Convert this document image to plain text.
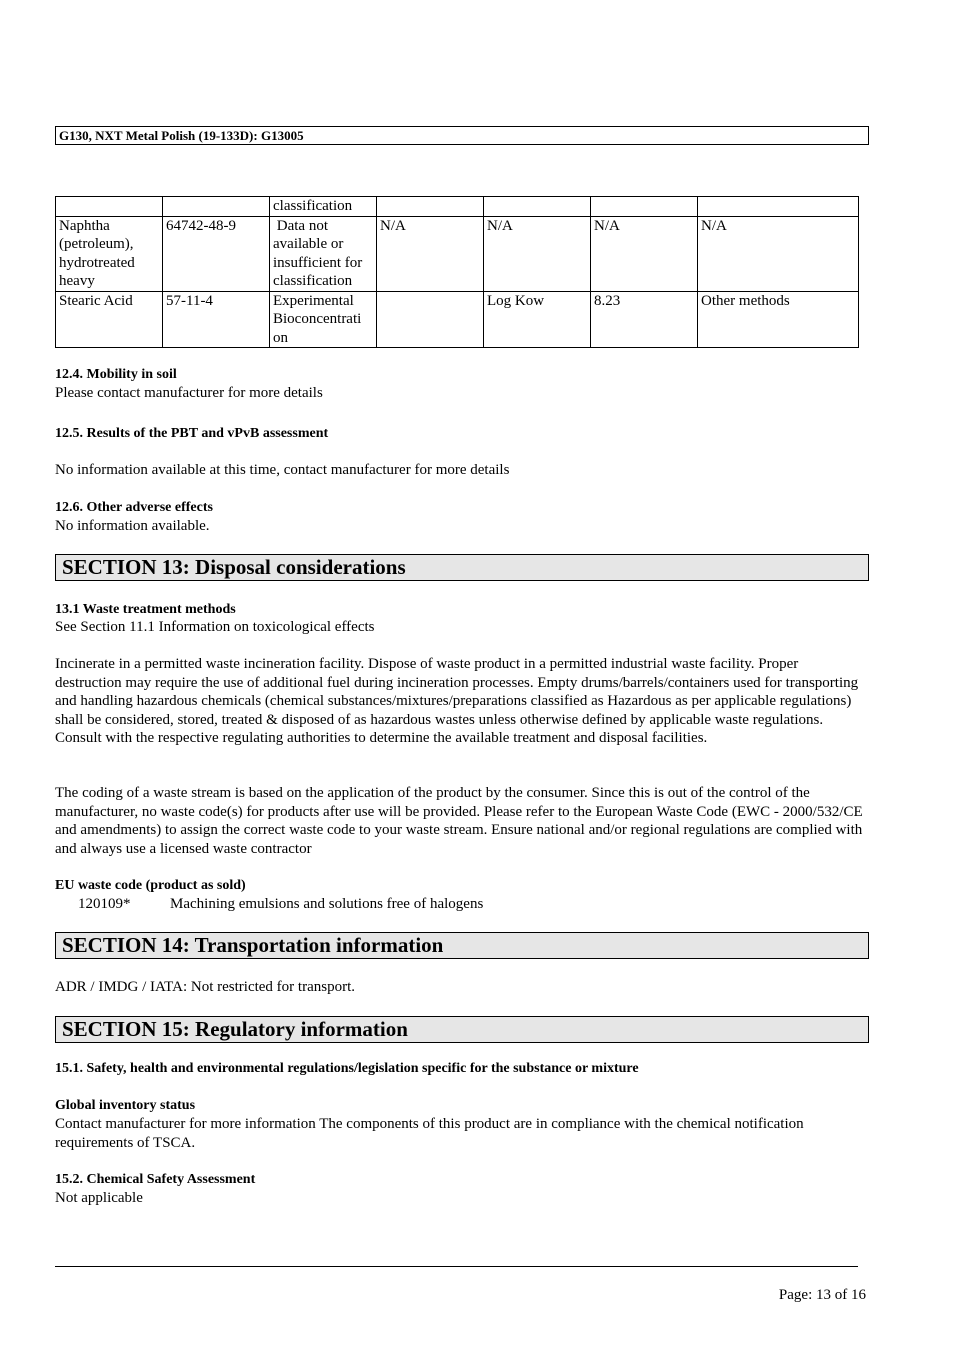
G130, NXT Metal Polish (19-133D): G13005
		classification				
Naphtha (petroleum), hydrotreated heavy	64742-48-9	Data not available or insufficient for classification	N/A	N/A	N/A	N/A
Stearic Acid	57-11-4	Experimental Bioconcentrati on		Log Kow	8.23	Other methods
12.4. Mobility in soil
Please contact manufacturer for more details
12.5. Results of the PBT and vPvB assessment
No information available at this time, contact manufacturer for more details
12.6. Other adverse effects
No information available.
SECTION 13: Disposal considerations
13.1 Waste treatment methods
See Section 11.1 Information on toxicological effects
Incinerate in a permitted waste incineration facility. Dispose of waste product in a permitted industrial waste facility. Proper destruction may require the use of additional fuel during incineration processes. Empty drums/barrels/containers used for transporting and handling hazardous chemicals (chemical substances/mixtures/preparations classified as Hazardous as per applicable regulations) shall be considered, stored, treated & disposed of as hazardous wastes unless otherwise defined by applicable waste regulations. Consult with the respective regulating authorities to determine the available treatment and disposal facilities.
The coding of a waste stream is based on the application of the product by the consumer. Since this is out of the control of the manufacturer, no waste code(s) for products after use will be provided. Please refer to the European Waste Code (EWC - 2000/532/CE and amendments) to assign the correct waste code to your waste stream. Ensure national and/or regional regulations are complied with and always use a licensed waste contractor
EU waste code (product as sold)
120109*	Machining emulsions and solutions free of halogens
SECTION 14: Transportation information
ADR / IMDG / IATA: Not restricted for transport.
SECTION 15: Regulatory information
15.1. Safety, health and environmental regulations/legislation specific for the substance or mixture
Global inventory status
Contact manufacturer for more information The components of this product are in compliance with the chemical notification requirements of TSCA.
15.2. Chemical Safety Assessment
Not applicable
Page: 13 of 16
